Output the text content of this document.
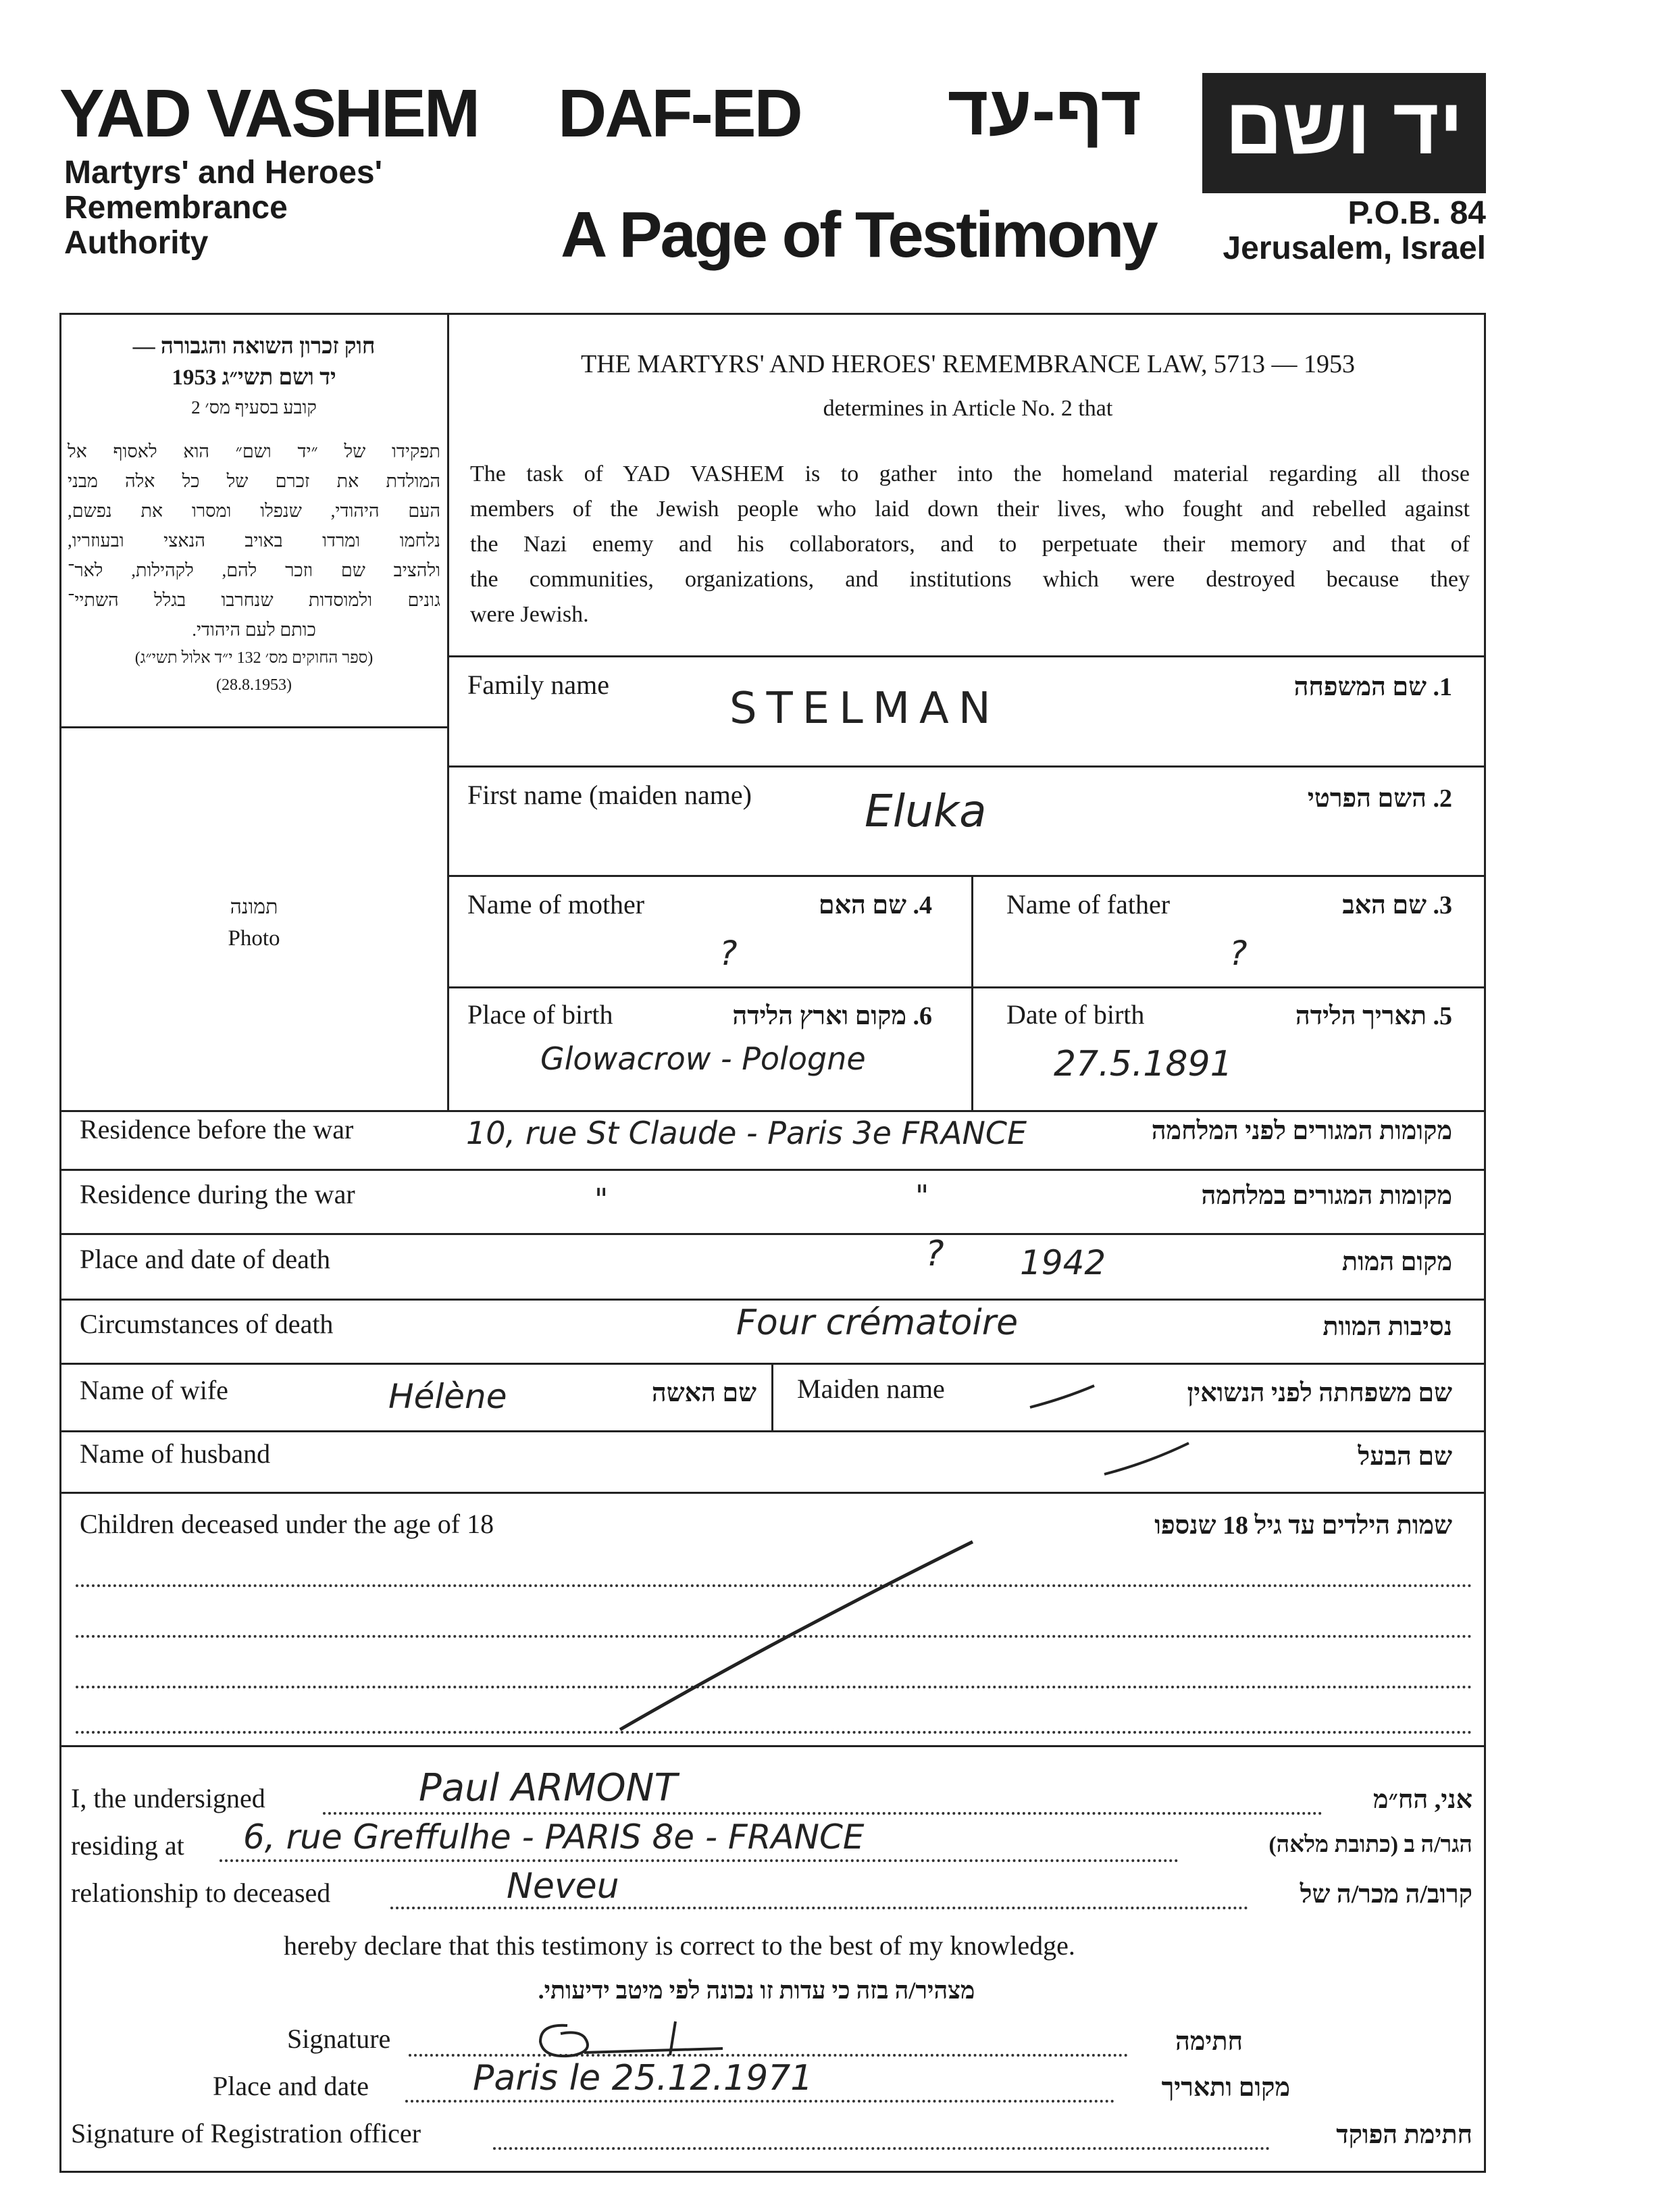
YAD VASHEM
Martyrs' and Heroes'
Remembrance
Authority
DAF-ED	דף-עד
A Page of Testimony
יד ושם
P.O.B. 84
Jerusalem, Israel
חוק זכרון השואה והגבורה —
יד ושם תשי״ג 1953
קובע בסעיף מס׳ 2
תפקידו של ״יד ושם״ הוא לאסוף אל
המולדת את זכרם של כל אלה מבני
העם היהודי, שנפלו ומסרו את נפשם,
נלחמו ומרדו באויב הנאצי ובעוזריו,
ולהציב שם וזכר להם, לקהילות, לאר־
גונים ולמוסדות שנחרבו בגלל השתיי־
כותם לעם היהודי.
(ספר החוקים מס׳ 132 י״ד אלול תשי״ג)
(28.8.1953)
תמונה
Photo
THE MARTYRS' AND HEROES' REMEMBRANCE LAW, 5713 — 1953
determines in Article No. 2 that
The task of YAD VASHEM is to gather into the homeland material regarding all those
members of the Jewish people who laid down their lives, who fought and rebelled against
the Nazi enemy and his collaborators, and to perpetuate their memory and that of
the communities, organizations, and institutions which were destroyed because they
were Jewish.
Family name	1. שם המשפחה
STELMAN
First name (maiden name)	2. השם הפרטי
Eluka
Name of mother	4. שם האם
?
Name of father	3. שם האב
?
Place of birth	6. מקום וארץ הלידה
Glowacrow - Pologne
Date of birth	5. תאריך הלידה
27.5.1891
Residence before the war	מקומות המגורים לפני המלחמה
10, rue St Claude - Paris 3e FRANCE
Residence during the war	מקומות המגורים במלחמה
"	"
Place and date of death	מקום המות
? 1942
Circumstances of death	נסיבות המוות
Four crématoire
Name of wife	שם האשה
Hélène	Maiden name	שם משפחתה לפני הנשואין
Name of husband	שם הבעל
Children deceased under the age of 18	שמות הילדים עד גיל 18 שנספו
I, the undersigned	Paul ARMONT	אני, הח״מ
residing at 6, rue Greffulhe - PARIS 8e - FRANCE	הגר/ה ב (כתובת מלאה)
relationship to deceased	Neveu	קרוב/ה מכר/ה של
hereby declare that this testimony is correct to the best of my knowledge.
מצהיר/ה בזה כי עדות זו נכונה לפי מיטב ידיעותי.
Signature	חתימה
Place and date	Paris le 25.12.1971	מקום ותאריך
Signature of Registration officer	חתימת הפוקד
